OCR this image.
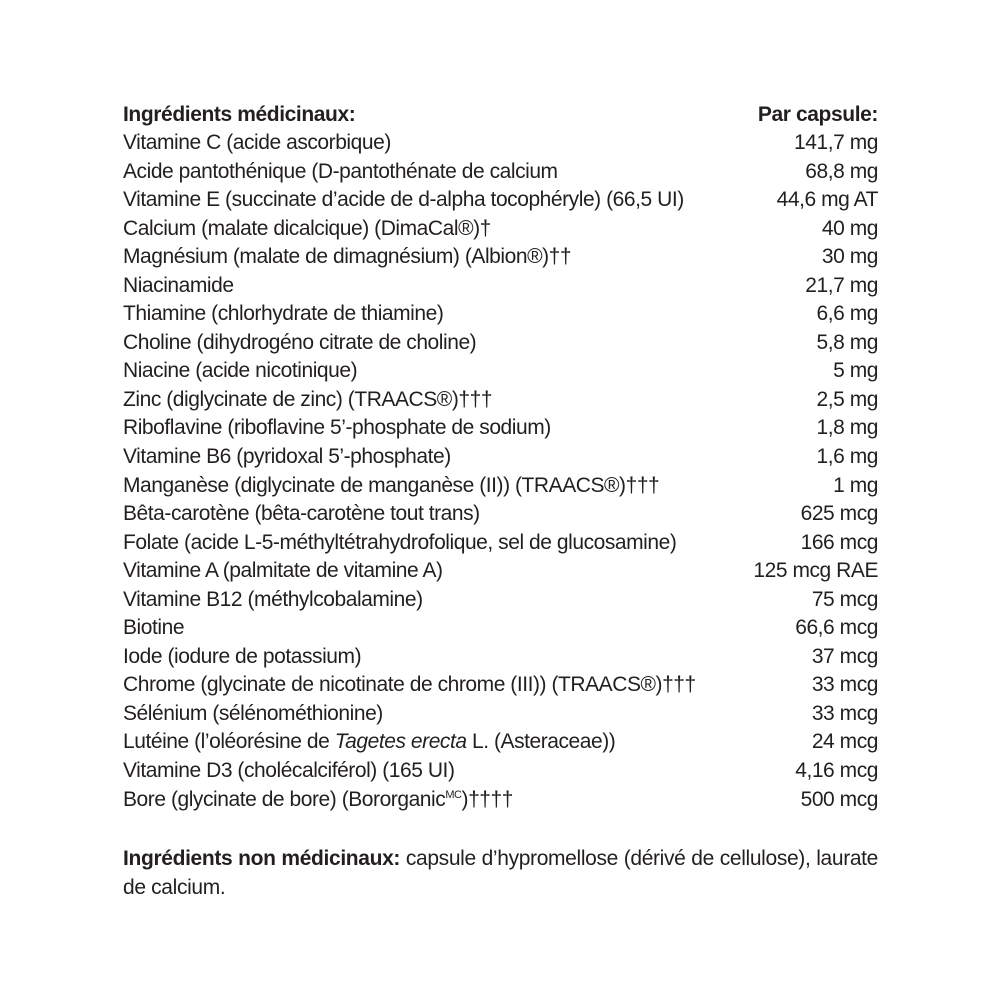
Ingrédients médicinaux:	Par capsule:
Vitamine C (acide ascorbique)	141,7 mg
Acide pantothénique (D-pantothénate de calcium	68,8 mg
Vitamine E (succinate d’acide de d-alpha tocophéryle) (66,5 UI)	44,6 mg AT
Calcium (malate dicalcique) (DimaCal®)†	40 mg
Magnésium (malate de dimagnésium) (Albion®)††	30 mg
Niacinamide	21,7 mg
Thiamine (chlorhydrate de thiamine)	6,6 mg
Choline (dihydrogéno citrate de choline)	5,8 mg
Niacine (acide nicotinique)	5 mg
Zinc (diglycinate de zinc) (TRAACS®)†††	2,5 mg
Riboflavine (riboflavine 5’-phosphate de sodium)	1,8 mg
Vitamine B6 (pyridoxal 5’-phosphate)	1,6 mg
Manganèse (diglycinate de manganèse (II)) (TRAACS®)†††	1 mg
Bêta-carotène (bêta-carotène tout trans)	625 mcg
Folate (acide L-5-méthyltétrahydrofolique, sel de glucosamine)	166 mcg
Vitamine A (palmitate de vitamine A)	125 mcg RAE
Vitamine B12 (méthylcobalamine)	75 mcg
Biotine	66,6 mcg
Iode (iodure de potassium)	37 mcg
Chrome (glycinate de nicotinate de chrome (III)) (TRAACS®)†††	33 mcg
Sélénium (sélénométhionine)	33 mcg
Lutéine (l’oléorésine de Tagetes erecta L. (Asteraceae))	24 mcg
Vitamine D3 (cholécalciférol) (165 UI)	4,16 mcg
Bore (glycinate de bore) (Bororganic$^{MC}$)††††	500 mcg

Ingrédients non médicinaux: capsule d’hypromellose (dérivé de cellulose), laurate de calcium.
